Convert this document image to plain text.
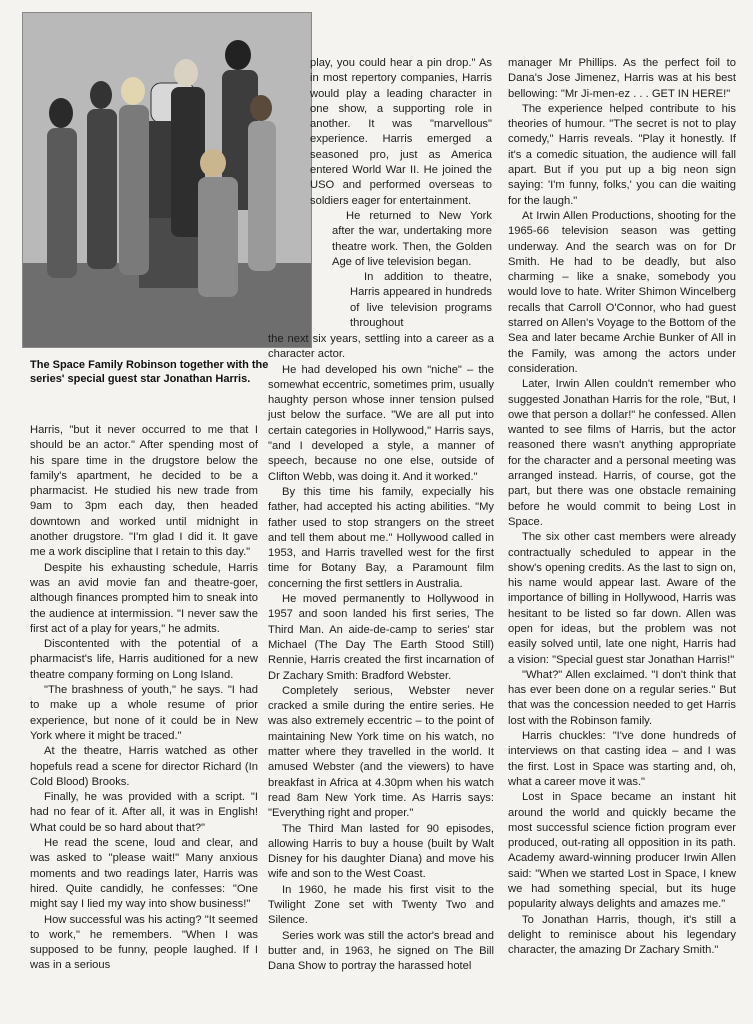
The Space Family Robinson together with the series' special guest star Jonathan Harris.

Harris, "but it never occurred to me that I should be an actor." After spending most of his spare time in the drugstore below the family's apartment, he decided to be a pharmacist. He studied his new trade from 9am to 3pm each day, then headed downtown and worked until midnight in another drugstore. "I'm glad I did it. It gave me a work discipline that I retain to this day."

Despite his exhausting schedule, Harris was an avid movie fan and theatre-goer, although finances prompted him to sneak into the audience at intermission. "I never saw the first act of a play for years," he admits.

Discontented with the potential of a pharmacist's life, Harris auditioned for a new theatre company forming on Long Island.

"The brashness of youth," he says. "I had to make up a whole resume of prior experience, but none of it could be in New York where it might be traced."

At the theatre, Harris watched as other hopefuls read a scene for director Richard (In Cold Blood) Brooks.

Finally, he was provided with a script. "I had no fear of it. After all, it was in English! What could be so hard about that?"

He read the scene, loud and clear, and was asked to "please wait!" Many anxious moments and two readings later, Harris was hired. Quite candidly, he confesses: "One might say I lied my way into show business!"

How successful was his acting? "It seemed to work," he remembers. "When I was supposed to be funny, people laughed. If I was in a serious

play, you could hear a pin drop." As in most repertory companies, Harris would play a leading character in one show, a supporting role in another. It was "marvellous" experience. Harris emerged a seasoned pro, just as America entered World War II. He joined the USO and performed overseas to soldiers eager for entertainment.

He returned to New York after the war, undertaking more theatre work. Then, the Golden Age of live television began.

In addition to theatre, Harris appeared in hundreds of live television programs throughout

the next six years, settling into a career as a character actor.

He had developed his own "niche" – the somewhat eccentric, sometimes prim, usually haughty person whose inner tension pulsed just below the surface. "We are all put into certain categories in Hollywood," Harris says, "and I developed a style, a manner of speech, because no one else, outside of Clifton Webb, was doing it. And it worked."

By this time his family, expecially his father, had accepted his acting abilities. "My father used to stop strangers on the street and tell them about me." Hollywood called in 1953, and Harris travelled west for the first time for Botany Bay, a Paramount film concerning the first settlers in Australia.

He moved permanently to Hollywood in 1957 and soon landed his first series, The Third Man. An aide-de-camp to series' star Michael (The Day The Earth Stood Still) Rennie, Harris created the first incarnation of Dr Zachary Smith: Bradford Webster.

Completely serious, Webster never cracked a smile during the entire series. He was also extremely eccentric – to the point of maintaining New York time on his watch, no matter where they travelled in the world. It amused Webster (and the viewers) to have breakfast in Africa at 4.30pm when his watch read 8am New York time. As Harris says: "Everything right and proper."

The Third Man lasted for 90 episodes, allowing Harris to buy a house (built by Walt Disney for his daughter Diana) and move his wife and son to the West Coast.

In 1960, he made his first visit to the Twilight Zone set with Twenty Two and Silence.

Series work was still the actor's bread and butter and, in 1963, he signed on The Bill Dana Show to portray the harassed hotel

manager Mr Phillips. As the perfect foil to Dana's Jose Jimenez, Harris was at his best bellowing: "Mr Ji-men-ez . . . GET IN HERE!"

The experience helped contribute to his theories of humour. "The secret is not to play comedy," Harris reveals. "Play it honestly. If it's a comedic situation, the audience will fall apart. But if you put up a big neon sign saying: 'I'm funny, folks,' you can die waiting for the laugh."

At Irwin Allen Productions, shooting for the 1965-66 television season was getting underway. And the search was on for Dr Smith. He had to be deadly, but also charming – like a snake, somebody you would love to hate. Writer Shimon Wincelberg recalls that Carroll O'Connor, who had guest starred on Allen's Voyage to the Bottom of the Sea and later became Archie Bunker of All in the Family, was among the actors under consideration.

Later, Irwin Allen couldn't remember who suggested Jonathan Harris for the role, "But, I owe that person a dollar!" he confessed. Allen wanted to see films of Harris, but the actor reasoned there wasn't anything appropriate for the character and a personal meeting was arranged instead. Harris, of course, got the part, but there was one obstacle remaining before he would commit to being Lost in Space.

The six other cast members were already contractually scheduled to appear in the show's opening credits. As the last to sign on, his name would appear last. Aware of the importance of billing in Hollywood, Harris was hesitant to be listed so far down. Allen was open for ideas, but the problem was not easily solved until, late one night, Harris had a vision: "Special guest star Jonathan Harris!"

"What?" Allen exclaimed. "I don't think that has ever been done on a regular series." But that was the concession needed to get Harris lost with the Robinson family.

Harris chuckles: "I've done hundreds of interviews on that casting idea – and I was the first. Lost in Space was starting and, oh, what a career move it was."

Lost in Space became an instant hit around the world and quickly became the most successful science fiction program ever produced, out-rating all opposition in its path. Academy award-winning producer Irwin Allen said: "When we started Lost in Space, I knew we had something special, but its huge popularity always delights and amazes me."

To Jonathan Harris, though, it's still a delight to reminisce about his legendary character, the amazing Dr Zachary Smith."
